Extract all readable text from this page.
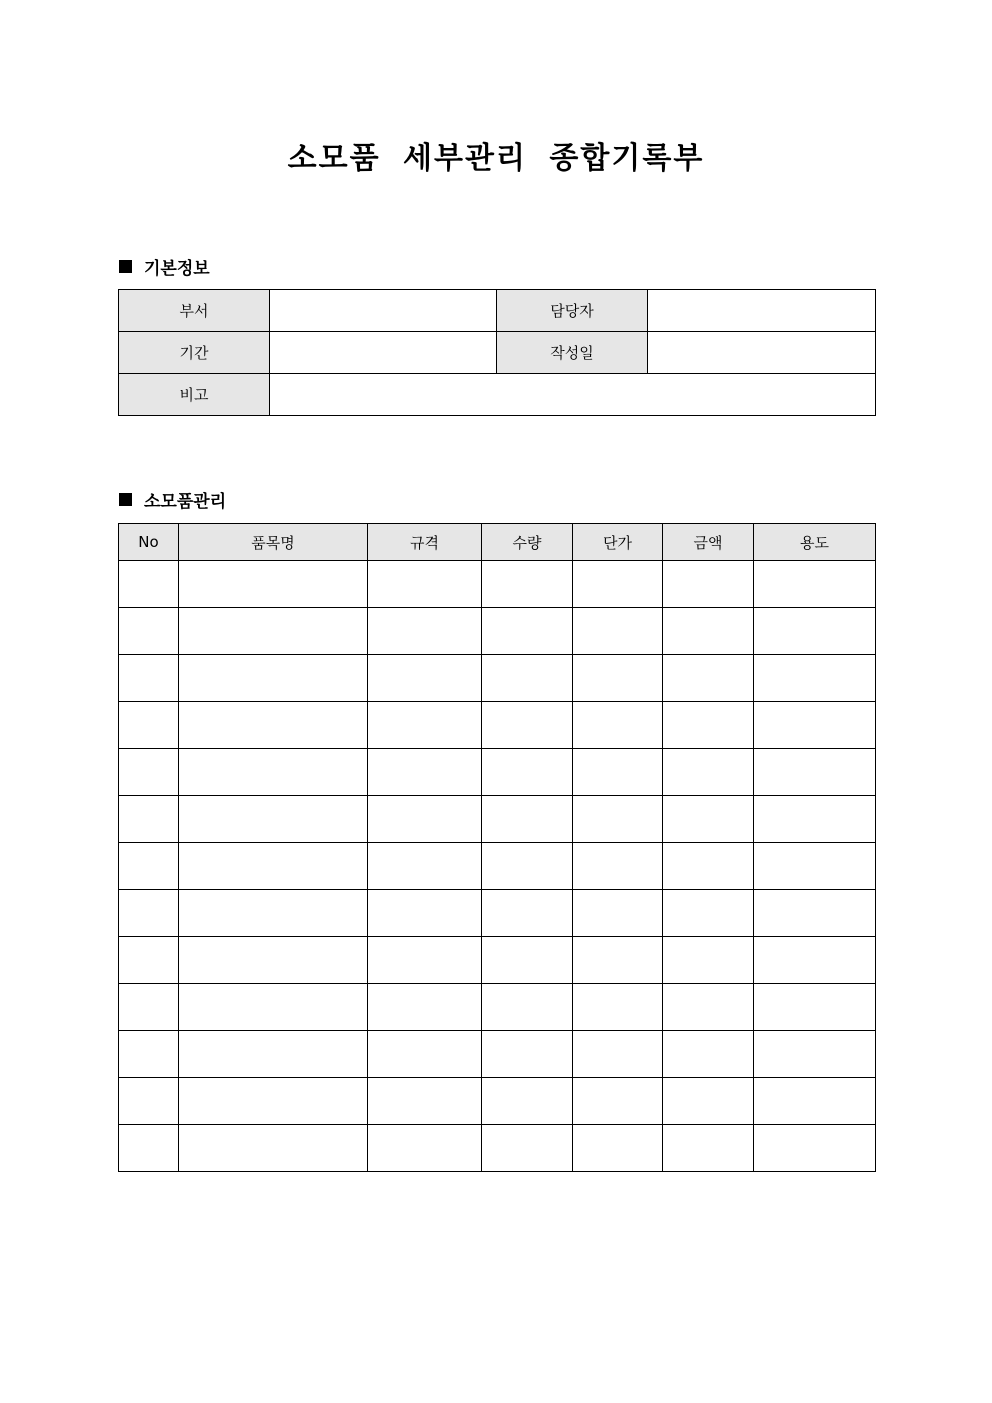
소모품 세부관리 종합기록부
기본정보
부서		담당자	
기간		작성일	
비고			
소모품관리
No	품목명	규격	수량	단가	금액	용도
